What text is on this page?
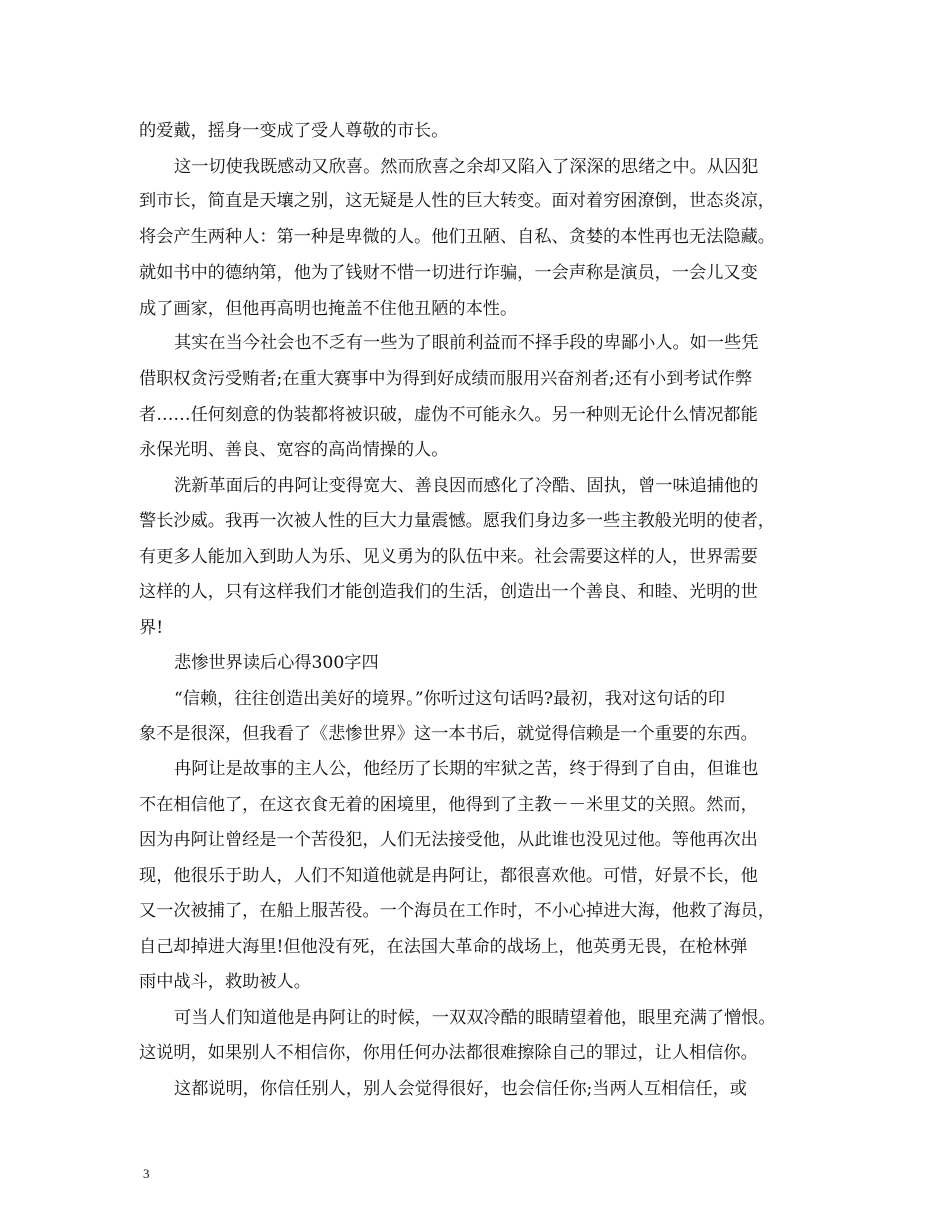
的爱戴，摇身一变成了受人尊敬的市长。
这一切使我既感动又欣喜。然而欣喜之余却又陷入了深深的思绪之中。从囚犯
到市长，简直是天壤之别，这无疑是人性的巨大转变。面对着穷困潦倒，世态炎凉，
将会产生两种人：第一种是卑微的人。他们丑陋、自私、贪婪的本性再也无法隐藏。
就如书中的德纳第，他为了钱财不惜一切进行诈骗，一会声称是演员，一会儿又变
成了画家，但他再高明也掩盖不住他丑陋的本性。
其实在当今社会也不乏有一些为了眼前利益而不择手段的卑鄙小人。如一些凭
借职权贪污受贿者;在重大赛事中为得到好成绩而服用兴奋剂者;还有小到考试作弊
者……任何刻意的伪装都将被识破，虚伪不可能永久。另一种则无论什么情况都能
永保光明、善良、宽容的高尚情操的人。
洗新革面后的冉阿让变得宽大、善良因而感化了冷酷、固执，曾一味追捕他的
警长沙威。我再一次被人性的巨大力量震憾。愿我们身边多一些主教般光明的使者，
有更多人能加入到助人为乐、见义勇为的队伍中来。社会需要这样的人，世界需要
这样的人，只有这样我们才能创造我们的生活，创造出一个善良、和睦、光明的世
界!
悲惨世界读后心得300字四
“信赖，往往创造出美好的境界。”你听过这句话吗?最初，我对这句话的印
象不是很深，但我看了《悲惨世界》这一本书后，就觉得信赖是一个重要的东西。
冉阿让是故事的主人公，他经历了长期的牢狱之苦，终于得到了自由，但谁也
不在相信他了，在这衣食无着的困境里，他得到了主教－－米里艾的关照。然而，
因为冉阿让曾经是一个苦役犯，人们无法接受他，从此谁也没见过他。等他再次出
现，他很乐于助人，人们不知道他就是冉阿让，都很喜欢他。可惜，好景不长，他
又一次被捕了，在船上服苦役。一个海员在工作时，不小心掉进大海，他救了海员，
自己却掉进大海里!但他没有死，在法国大革命的战场上，他英勇无畏，在枪林弹
雨中战斗，救助被人。
可当人们知道他是冉阿让的时候，一双双冷酷的眼睛望着他，眼里充满了憎恨。
这说明，如果别人不相信你，你用任何办法都很难擦除自己的罪过，让人相信你。
这都说明，你信任别人，别人会觉得很好，也会信任你;当两人互相信任，或
3
